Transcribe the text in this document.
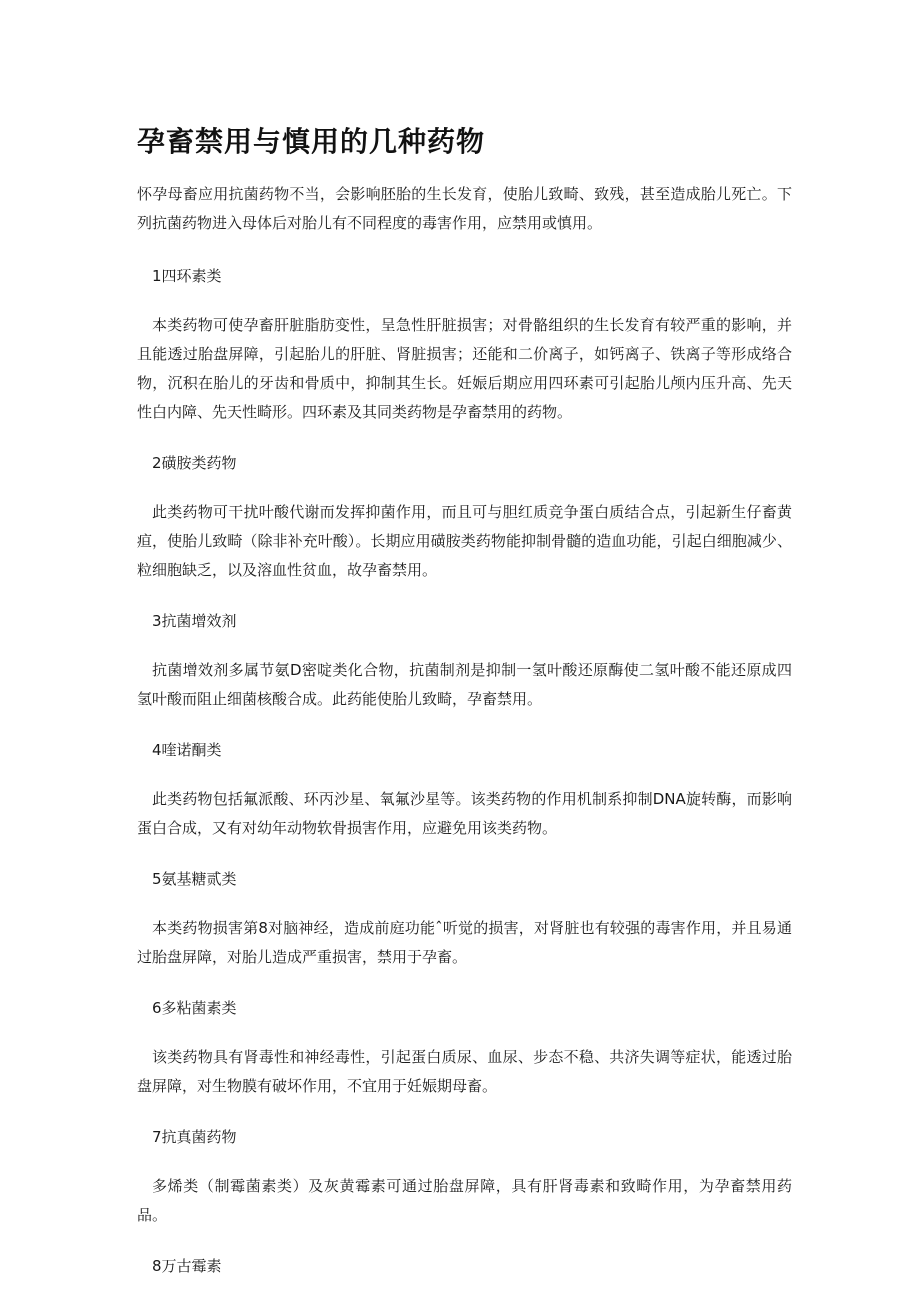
孕畜禁用与慎用的几种药物

怀孕母畜应用抗菌药物不当，会影响胚胎的生长发育，使胎儿致畸、致残，甚至造成胎儿死亡。下列抗菌药物进入母体后对胎儿有不同程度的毒害作用，应禁用或慎用。

1四环素类

本类药物可使孕畜肝脏脂肪变性，呈急性肝脏损害；对骨骼组织的生长发育有较严重的影响，并且能透过胎盘屏障，引起胎儿的肝脏、肾脏损害；还能和二价离子，如钙离子、铁离子等形成络合物，沉积在胎儿的牙齿和骨质中，抑制其生长。妊娠后期应用四环素可引起胎儿颅内压升高、先天性白内障、先天性畸形。四环素及其同类药物是孕畜禁用的药物。

2磺胺类药物

此类药物可干扰叶酸代谢而发挥抑菌作用，而且可与胆红质竞争蛋白质结合点，引起新生仔畜黄疸，使胎儿致畸（除非补充叶酸）。长期应用磺胺类药物能抑制骨髓的造血功能，引起白细胞减少、粒细胞缺乏，以及溶血性贫血，故孕畜禁用。

3抗菌增效剂

抗菌增效剂多属节氨D密啶类化合物，抗菌制剂是抑制一氢叶酸还原酶使二氢叶酸不能还原成四氢叶酸而阻止细菌核酸合成。此药能使胎儿致畸，孕畜禁用。

4喹诺酮类

此类药物包括氟派酸、环丙沙星、氧氟沙星等。该类药物的作用机制系抑制DNA旋转酶，而影响蛋白合成，又有对幼年动物软骨损害作用，应避免用该类药物。

5氨基糖贰类

本类药物损害第8对脑神经，造成前庭功能ˆ听觉的损害，对肾脏也有较强的毒害作用，并且易通过胎盘屏障，对胎儿造成严重损害，禁用于孕畜。

6多粘菌素类

该类药物具有肾毒性和神经毒性，引起蛋白质尿、血尿、步态不稳、共济失调等症状，能透过胎盘屏障，对生物膜有破坏作用，不宜用于妊娠期母畜。

7抗真菌药物

多烯类（制霉菌素类）及灰黄霉素可通过胎盘屏障，具有肝肾毒素和致畸作用，为孕畜禁用药品。

8万古霉素
